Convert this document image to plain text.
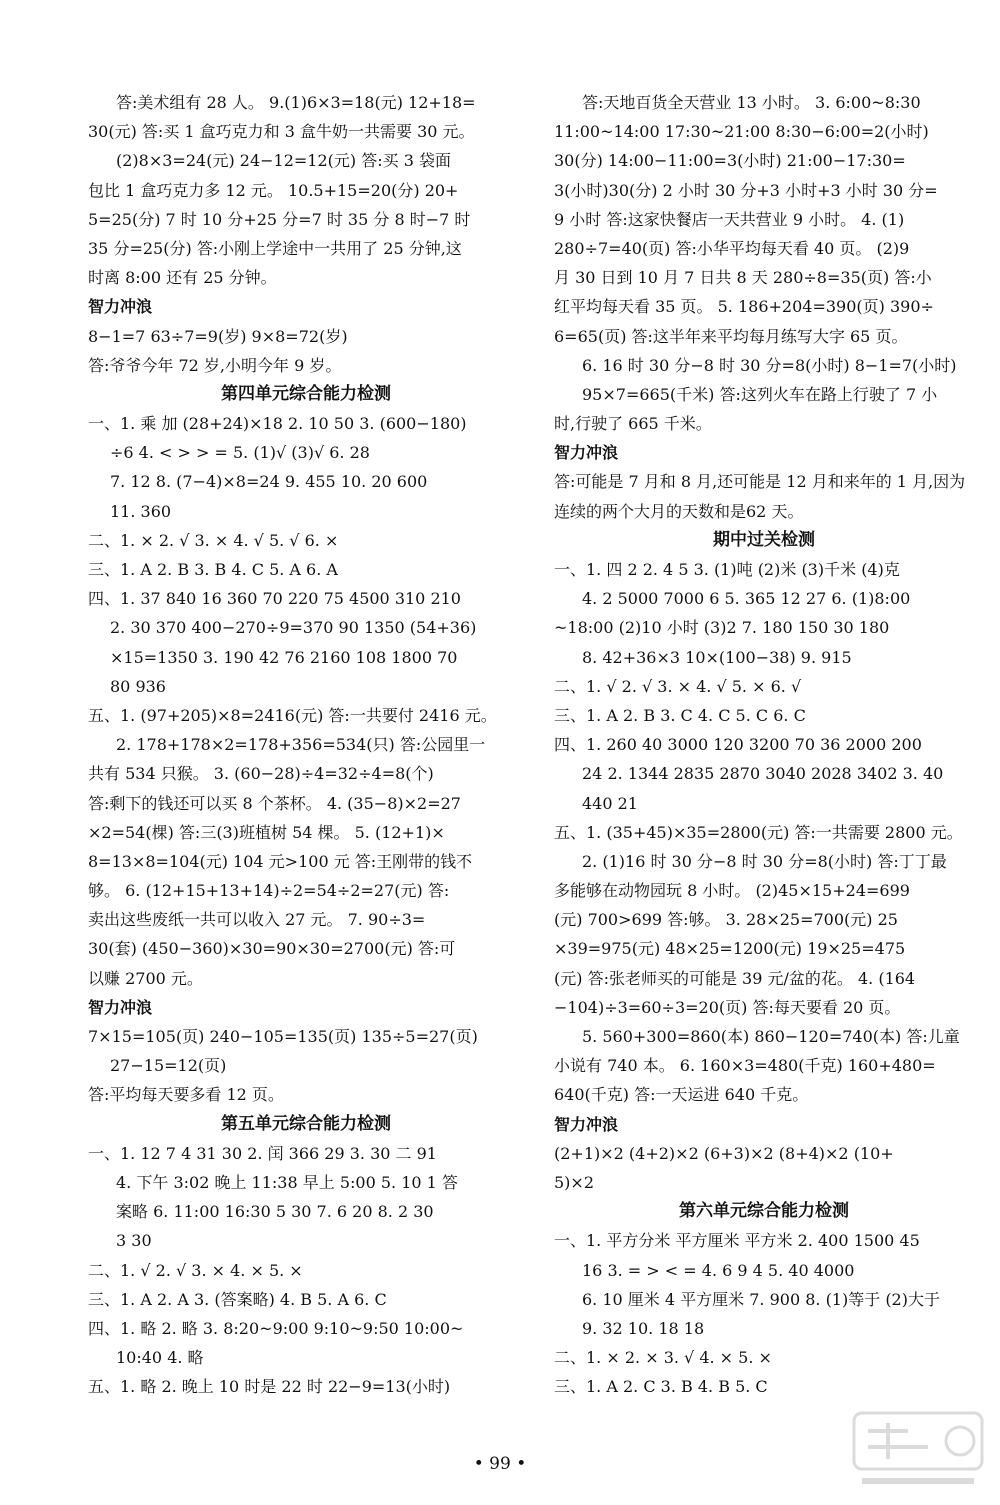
答:美术组有 28 人。 9.(1)6×3=18(元) 12+18=
30(元) 答:买 1 盒巧克力和 3 盒牛奶一共需要 30 元。
(2)8×3=24(元) 24−12=12(元) 答:买 3 袋面
包比 1 盒巧克力多 12 元。 10.5+15=20(分) 20+
5=25(分) 7 时 10 分+25 分=7 时 35 分 8 时−7 时
35 分=25(分) 答:小刚上学途中一共用了 25 分钟,这
时离 8:00 还有 25 分钟。
智力冲浪
8−1=7 63÷7=9(岁) 9×8=72(岁)
答:爷爷今年 72 岁,小明今年 9 岁。
第四单元综合能力检测
一、1. 乘 加 (28+24)×18 2. 10 50 3. (600−180)
÷6 4. < > > = 5. (1)√ (3)√ 6. 28
7. 12 8. (7−4)×8=24 9. 455 10. 20 600
11. 360
二、1. × 2. √ 3. × 4. √ 5. √ 6. ×
三、1. A 2. B 3. B 4. C 5. A 6. A
四、1. 37 840 16 360 70 220 75 4500 310 210
2. 30 370 400−270÷9=370 90 1350 (54+36)
×15=1350 3. 190 42 76 2160 108 1800 70
80 936
五、1. (97+205)×8=2416(元) 答:一共要付 2416 元。
2. 178+178×2=178+356=534(只) 答:公园里一
共有 534 只猴。 3. (60−28)÷4=32÷4=8(个)
答:剩下的钱还可以买 8 个茶杯。 4. (35−8)×2=27
×2=54(棵) 答:三(3)班植树 54 棵。 5. (12+1)×
8=13×8=104(元) 104 元>100 元 答:王刚带的钱不
够。 6. (12+15+13+14)÷2=54÷2=27(元) 答:
卖出这些废纸一共可以收入 27 元。 7. 90÷3=
30(套) (450−360)×30=90×30=2700(元) 答:可
以赚 2700 元。
智力冲浪
7×15=105(页) 240−105=135(页) 135÷5=27(页)
27−15=12(页)
答:平均每天要多看 12 页。
第五单元综合能力检测
一、1. 12 7 4 31 30 2. 闰 366 29 3. 30 二 91
4. 下午 3:02 晚上 11:38 早上 5:00 5. 10 1 答
案略 6. 11:00 16:30 5 30 7. 6 20 8. 2 30
3 30
二、1. √ 2. √ 3. × 4. × 5. ×
三、1. A 2. A 3. (答案略) 4. B 5. A 6. C
四、1. 略 2. 略 3. 8:20~9:00 9:10~9:50 10:00~
10:40 4. 略
五、1. 略 2. 晚上 10 时是 22 时 22−9=13(小时)
答:天地百货全天营业 13 小时。 3. 6:00~8:30
11:00~14:00 17:30~21:00 8:30−6:00=2(小时)
30(分) 14:00−11:00=3(小时) 21:00−17:30=
3(小时)30(分) 2 小时 30 分+3 小时+3 小时 30 分=
9 小时 答:这家快餐店一天共营业 9 小时。 4. (1)
280÷7=40(页) 答:小华平均每天看 40 页。 (2)9
月 30 日到 10 月 7 日共 8 天 280÷8=35(页) 答:小
红平均每天看 35 页。 5. 186+204=390(页) 390÷
6=65(页) 答:这半年来平均每月练写大字 65 页。
6. 16 时 30 分−8 时 30 分=8(小时) 8−1=7(小时)
95×7=665(千米) 答:这列火车在路上行驶了 7 小
时,行驶了 665 千米。
智力冲浪
答:可能是 7 月和 8 月,还可能是 12 月和来年的 1 月,因为
连续的两个大月的天数和是62 天。
期中过关检测
一、1. 四 2 2. 4 5 3. (1)吨 (2)米 (3)千米 (4)克
4. 2 5000 7000 6 5. 365 12 27 6. (1)8:00
~18:00 (2)10 小时 (3)2 7. 180 150 30 180
8. 42+36×3 10×(100−38) 9. 915
二、1. √ 2. √ 3. × 4. √ 5. × 6. √
三、1. A 2. B 3. C 4. C 5. C 6. C
四、1. 260 40 3000 120 3200 70 36 2000 200
24 2. 1344 2835 2870 3040 2028 3402 3. 40
440 21
五、1. (35+45)×35=2800(元) 答:一共需要 2800 元。
2. (1)16 时 30 分−8 时 30 分=8(小时) 答:丁丁最
多能够在动物园玩 8 小时。 (2)45×15+24=699
(元) 700>699 答:够。 3. 28×25=700(元) 25
×39=975(元) 48×25=1200(元) 19×25=475
(元) 答:张老师买的可能是 39 元/盆的花。 4. (164
−104)÷3=60÷3=20(页) 答:每天要看 20 页。
5. 560+300=860(本) 860−120=740(本) 答:儿童
小说有 740 本。 6. 160×3=480(千克) 160+480=
640(千克) 答:一天运进 640 千克。
智力冲浪
(2+1)×2 (4+2)×2 (6+3)×2 (8+4)×2 (10+
5)×2
第六单元综合能力检测
一、1. 平方分米 平方厘米 平方米 2. 400 1500 45
16 3. = > < = 4. 6 9 4 5. 40 4000
6. 10 厘米 4 平方厘米 7. 900 8. (1)等于 (2)大于
9. 32 10. 18 18
二、1. × 2. × 3. √ 4. × 5. ×
三、1. A 2. C 3. B 4. B 5. C
• 99 •
